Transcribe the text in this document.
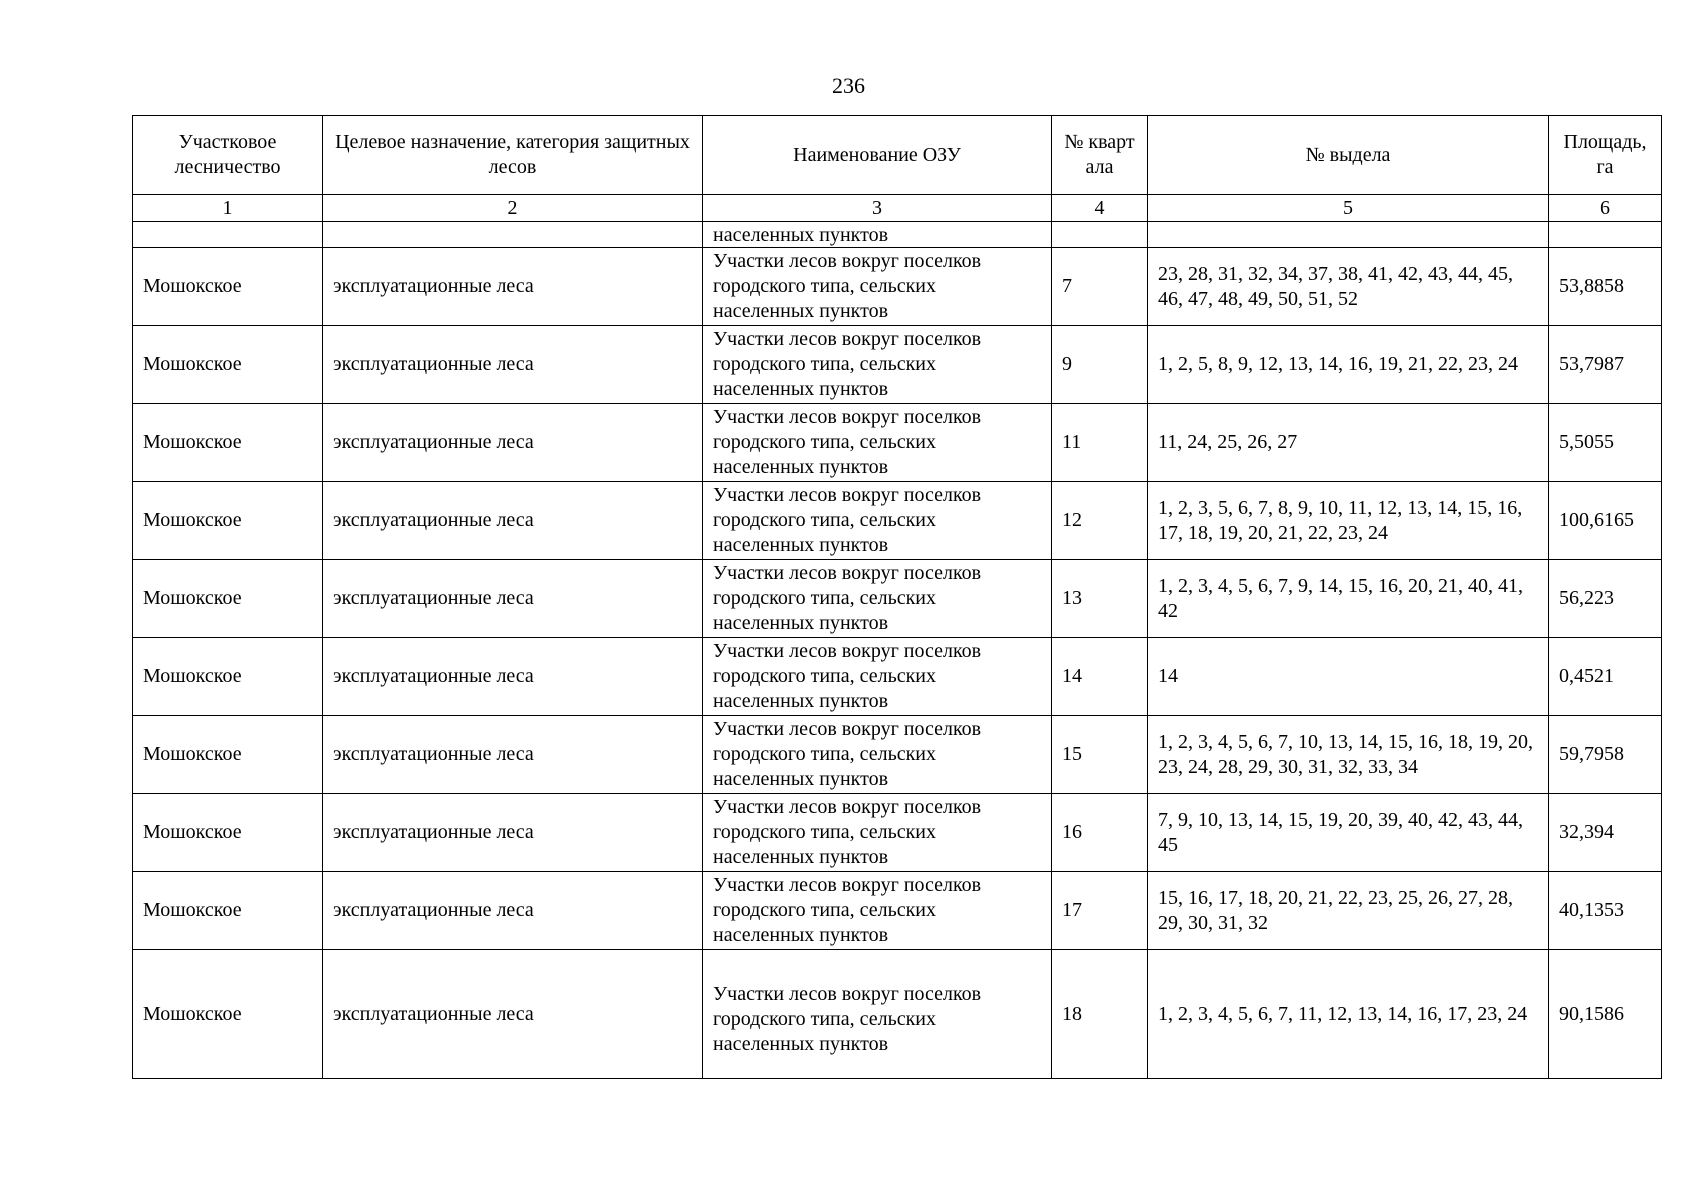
236
Участковое лесничество	Целевое назначение, категория защитных лесов	Наименование ОЗУ	№ квартала	№ выдела	Площадь, га
1	2	3	4	5	6
		населенных пунктов			
Мошокское	эксплуатационные леса	Участки лесов вокруг поселков городского типа, сельских населенных пунктов	7	23, 28, 31, 32, 34, 37, 38, 41, 42, 43, 44, 45, 46, 47, 48, 49, 50, 51, 52	53,8858
Мошокское	эксплуатационные леса	Участки лесов вокруг поселков городского типа, сельских населенных пунктов	9	1, 2, 5, 8, 9, 12, 13, 14, 16, 19, 21, 22, 23, 24	53,7987
Мошокское	эксплуатационные леса	Участки лесов вокруг поселков городского типа, сельских населенных пунктов	11	11, 24, 25, 26, 27	5,5055
Мошокское	эксплуатационные леса	Участки лесов вокруг поселков городского типа, сельских населенных пунктов	12	1, 2, 3, 5, 6, 7, 8, 9, 10, 11, 12, 13, 14, 15, 16, 17, 18, 19, 20, 21, 22, 23, 24	100,6165
Мошокское	эксплуатационные леса	Участки лесов вокруг поселков городского типа, сельских населенных пунктов	13	1, 2, 3, 4, 5, 6, 7, 9, 14, 15, 16, 20, 21, 40, 41, 42	56,223
Мошокское	эксплуатационные леса	Участки лесов вокруг поселков городского типа, сельских населенных пунктов	14	14	0,4521
Мошокское	эксплуатационные леса	Участки лесов вокруг поселков городского типа, сельских населенных пунктов	15	1, 2, 3, 4, 5, 6, 7, 10, 13, 14, 15, 16, 18, 19, 20, 23, 24, 28, 29, 30, 31, 32, 33, 34	59,7958
Мошокское	эксплуатационные леса	Участки лесов вокруг поселков городского типа, сельских населенных пунктов	16	7, 9, 10, 13, 14, 15, 19, 20, 39, 40, 42, 43, 44, 45	32,394
Мошокское	эксплуатационные леса	Участки лесов вокруг поселков городского типа, сельских населенных пунктов	17	15, 16, 17, 18, 20, 21, 22, 23, 25, 26, 27, 28, 29, 30, 31, 32	40,1353
Мошокское	эксплуатационные леса	Участки лесов вокруг поселков городского типа, сельских населенных пунктов	18	1, 2, 3, 4, 5, 6, 7, 11, 12, 13, 14, 16, 17, 23, 24	90,1586
